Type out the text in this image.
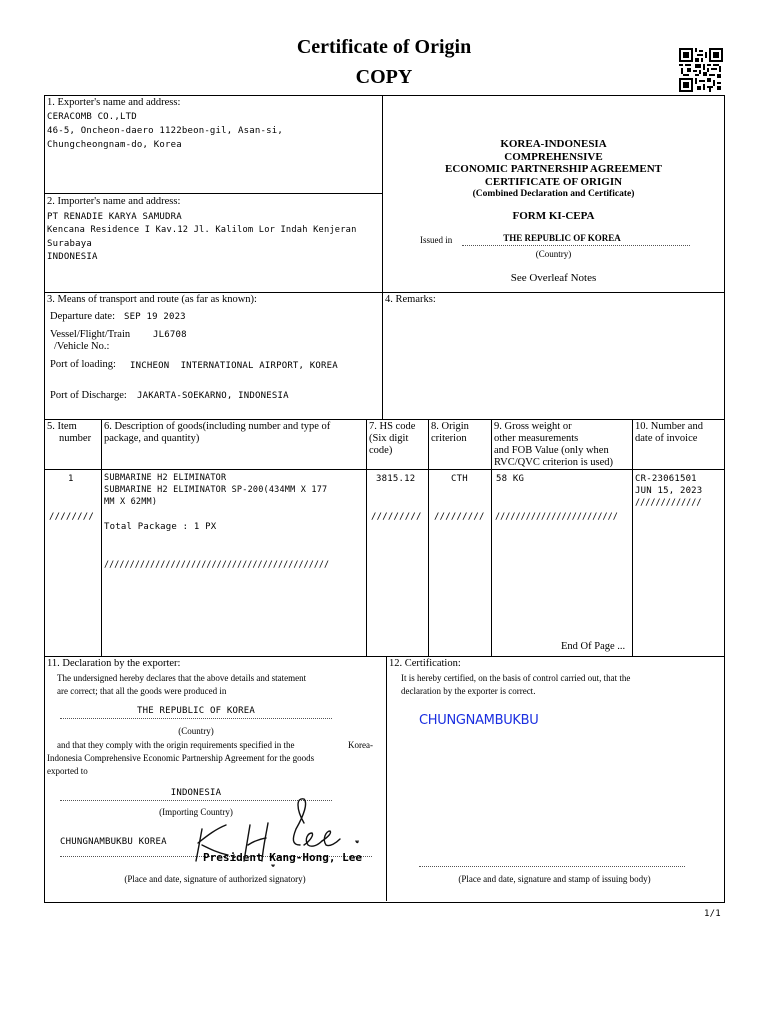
Certificate of Origin
COPY
1. Exporter's name and address:
CERACOMB CO.,LTD
46-5, Oncheon-daero 1122beon-gil, Asan-si,
Chungcheongnam-do, Korea
2. Importer's name and address:
PT RENADIE KARYA SAMUDRA
Kencana Residence I Kav.12 Jl. Kalilom Lor Indah Kenjeran
Surabaya
INDONESIA
KOREA-INDONESIA
COMPREHENSIVE
ECONOMIC PARTNERSHIP AGREEMENT
CERTIFICATE OF ORIGIN
(Combined Declaration and Certificate)
FORM KI-CEPA
Issued in	THE REPUBLIC OF KOREA
(Country)
See Overleaf Notes
3. Means of transport and route (as far as known):
Departure date: SEP 19 2023
Vessel/Flight/Train
/Vehicle No.:
JL6708
Port of loading: INCHEON  INTERNATIONAL AIRPORT, KOREA
Port of Discharge: JAKARTA-SOEKARNO, INDONESIA
4. Remarks:
5. Item
number
6. Description of goods(including number and type of
package, and quantity)
7. HS code
(Six digit
code)
8. Origin
criterion
9. Gross weight or
other measurements
and FOB Value (only when
RVC/QVC criterion is used)
10. Number and
date of invoice
1
////////
SUBMARINE H2 ELIMINATOR
SUBMARINE H2 ELIMINATOR SP-200(434MM X 177
MM X 62MM)
Total Package : 1 PX
////////////////////////////////////////////
3815.12
/////////
CTH
/////////
58 KG
////////////////////////
CR-23061501
JUN 15, 2023
/////////////
End Of Page ...
11. Declaration by the exporter:
The undersigned hereby declares that the above details and statement
are correct; that all the goods were produced in
THE REPUBLIC OF KOREA
(Country)
and that they comply with the origin requirements specified in the	Korea-
Indonesia Comprehensive Economic Partnership Agreement for the goods
exported to
INDONESIA
(Importing Country)
CHUNGNAMBUKBU KOREA
President Kang-Hong, Lee
(Place and date, signature of authorized signatory)
12. Certification:
It is hereby certified, on the basis of control carried out, that the
declaration by the exporter is correct.
CHUNGNAMBUKBU
(Place and date, signature and stamp of issuing body)
1/1
